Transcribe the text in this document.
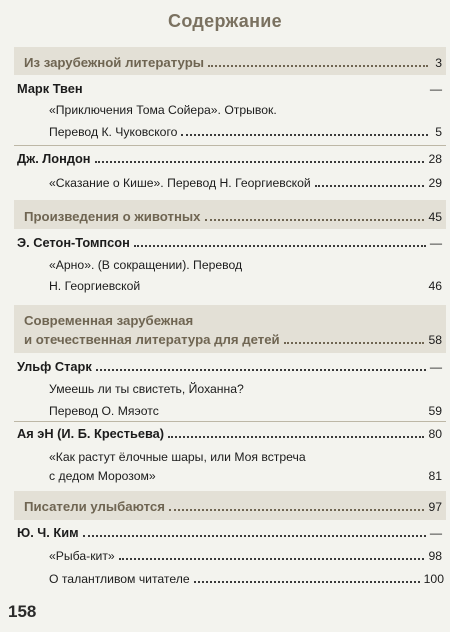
Содержание
Из зарубежной литературы	3
Марк Твен	—
«Приключения Тома Сойера». Отрывок.
Перевод К. Чуковского	5
Дж. Лондон	28
«Сказание о Кише». Перевод Н. Георгиевской	29
Произведения о животных	45
Э. Сетон-Томпсон	—
«Арно». (В сокращении). Перевод
Н. Георгиевской	46
Современная зарубежная
и отечественная литература для детей	58
Ульф Старк	—
Умеешь ли ты свистеть, Йоханна?
Перевод О. Мяэотс	59
Ая эН (И. Б. Крестьева)	80
«Как растут ёлочные шары, или Моя встреча
с дедом Морозом»	81
Писатели улыбаются	97
Ю. Ч. Ким	—
«Рыба-кит»	98
О талантливом читателе	100
158
